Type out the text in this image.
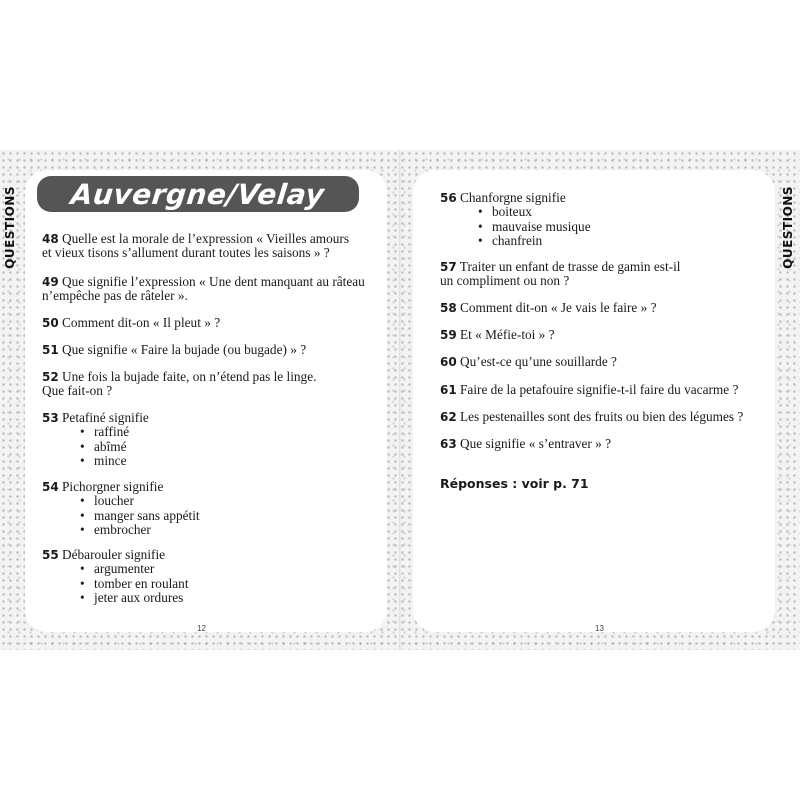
QUESTIONS	QUESTIONS
Auvergne/Velay
48 Quelle est la morale de l’expression « Vieilles amours
et vieux tisons s’allument durant toutes les saisons » ?
49 Que signifie l’expression « Une dent manquant au râteau
n’empêche pas de râteler ».
50 Comment dit-on « Il pleut » ?
51 Que signifie « Faire la bujade (ou bugade) » ?
52 Une fois la bujade faite, on n’étend pas le linge.
Que fait-on ?
53 Petafiné signifie
• raffiné
• abîmé
• mince
54 Pichorgner signifie
• loucher
• manger sans appétit
• embrocher
55 Débarouler signifie
• argumenter
• tomber en roulant
• jeter aux ordures
56 Chanforgne signifie
• boiteux
• mauvaise musique
• chanfrein
57 Traiter un enfant de trasse de gamin est-il
un compliment ou non ?
58 Comment dit-on « Je vais le faire » ?
59 Et « Méfie-toi » ?
60 Qu’est-ce qu’une souillarde ?
61 Faire de la petafouire signifie-t-il faire du vacarme ?
62 Les pestenailles sont des fruits ou bien des légumes ?
63 Que signifie « s’entraver » ?
Réponses : voir p. 71
12	13
